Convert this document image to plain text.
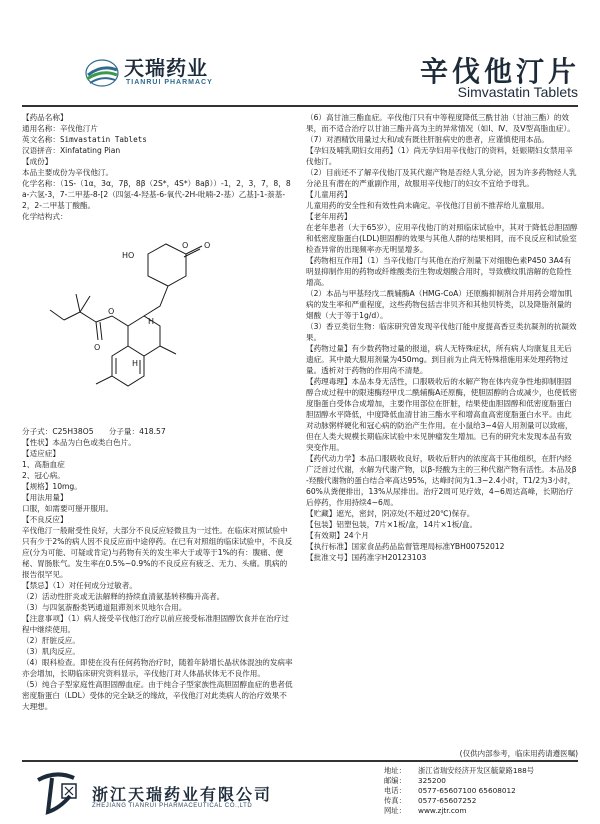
天瑞药业
TIANRUI PHARMACY	辛伐他汀片
Simvastatin Tablets

【药品名称】

通用名称：辛伐他汀片

英文名称：Simvastatin Tablets

汉语拼音：Xinfatating Pian

【成份】

本品主要成份为辛伐他汀。

化学名称：（1S-（1α，3α，7β，8β（2S*，4S*）8aβ））-1，2，3，7，8，8a-六氢-3，7-二甲基-8-[2（四氢-4-羟基-6-氧代-2H-吡喃-2-基）乙基]-1-萘基-2，2-二甲基丁酸酯。

化学结构式：

HO
O O
O
O
H
H

分子式：C25H38O5　　分子量：418.57

【性状】本品为白色或类白色片。

【适应症】

1、高脂血症

2、冠心病。

【规格】10mg。

【用法用量】

口服，如需要可掰开服用。

【不良反应】

辛伐他汀一般耐受性良好，大部分不良反应轻微且为一过性。在临床对照试验中只有少于2%的病人因不良反应而中途停药。在已有对照组的临床试验中，不良反应(分为可能、可疑或肯定)与药物有关的发生率大于或等于1%的有：腹痛、便秘、胃肠胀气。发生率在0.5%~0.9%的不良反应有疲乏、无力、头痛。肌病的报告很罕见。

【禁忌】（1）对任何成分过敏者。

（2）活动性肝炎或无法解释的持续血清氨基转移酶升高者。

（3）与四氢萘酚类钙通道阻滞剂米贝地尔合用。

【注意事项】（1）病人接受辛伐他汀治疗以前应接受标准胆固醇饮食并在治疗过程中继续使用。

（2）肝脏反应。

（3）肌肉反应。

（4）眼科检查。即使在没有任何药物治疗时，随着年龄增长晶状体混浊的发病率亦会增加，长期临床研究资料显示，辛伐他汀对人体晶状体无不良作用。

（5）纯合子型家庭性高胆固醇血症。由于纯合子型家族性高胆固醇血症的患者低密度脂蛋白（LDL）受体的完全缺乏的缘故，辛伐他汀对此类病人的治疗效果不大理想。

（6）高甘油三酯血症。辛伐他汀只有中等程度降低三酰甘油（甘油三酯）的效果，而不适合治疗以甘油三酯升高为主的异常情况（如Ⅰ、Ⅳ、及Ⅴ型高脂血症）。

（7）对酒精饮用量过大和/或有既往肝脏病史的患者，应谨慎使用本品。

【孕妇及哺乳期妇女用药】（1）尚无孕妇用辛伐他汀的资料，妊娠期妇女禁用辛伐他汀。

（2）目前还不了解辛伐他汀及其代谢产物是否经人乳分泌，因为许多药物经人乳分泌且有潜在的严重副作用，故服用辛伐他汀的妇女不宜给予母乳。

【儿童用药】

儿童用药的安全性和有效性尚未确定。辛伐他汀目前不推荐给儿童服用。

【老年用药】

在老年患者（大于65岁），应用辛伐他汀的对照临床试验中，其对于降低总胆固醇和低密度脂蛋白(LDL)胆固醇的效果与其他人群的结果相同，而不良反应和试验室检查异常的出现频率亦无明显增多。

【药物相互作用】（1）当辛伐他汀与其他在治疗剂量下对细胞色素P450 3A4有明显抑制作用的药物或纤维酸类衍生物或烟酸合用时，导致横纹肌溶解的危险性增高。

（2）本品与甲基羟戊二酰辅酶A（HMG-CoA）还原酶抑制剂合并用药会增加肌病的发生率和严重程度，这些药物包括吉非贝齐和其他贝特类，以及降脂剂量的烟酸（大于等于1g/d）。

（3）香豆类衍生物：临床研究曾发现辛伐他汀能中度提高香豆类抗凝剂的抗凝效果。

【药物过量】有少数药物过量的报道，病人无特殊症状，所有病人均康复且无后遗症。其中最大服用剂量为450mg。到目前为止尚无特殊措施用来处理药物过量。透析对于药物的作用尚不清楚。

【药理毒理】本品本身无活性，口服吸收后的水解产物在体内竞争性地抑制胆固醇合成过程中的限速酶羟甲戊二酰辅酶A还原酶，使胆固醇的合成减少，也使低密度脂蛋白受体合成增加，主要作用部位在肝脏，结果使血胆固醇和低密度脂蛋白胆固醇水平降低，中度降低血清甘油三酯水平和增高血高密度脂蛋白水平。由此对动脉粥样硬化和冠心病的防治产生作用。在小鼠给3~4倍人用剂量可以致癌，但在人类大规模长期临床试验中未见肿瘤发生增加。已有的研究未发现本品有致突变作用。

【药代动力学】本品口服吸收良好，吸收后肝内的浓度高于其他组织，在肝内经广泛首过代谢，水解为代谢产物，以β-羟酸为主的三种代谢产物有活性。本品及β-羟酸代谢物的蛋白结合率高达95%，达峰时间为1.3~2.4小时，T1/2为3小时，60%从粪便排出，13%从尿排出。治疗2周可见疗效，4~6周达高峰，长期治疗后停药，作用持续4~6周。

【贮藏】遮光，密封，阴凉处(不超过20℃)保存。

【包装】铝塑包装，7片×1板/盒，14片×1板/盒。

【有效期】24个月

【执行标准】国家食品药品监督管理局标准YBH00752012

【批准文号】国药准字H20123103

(仅供内部参考，临床用药请遵医嘱)
浙江天瑞药业有限公司
ZHEJIANG TIANRUI PHARMACEUTICAL CO.,LTD
地址： 浙江省瑞安经济开发区毓蒙路188号
邮编： 325200
电话： 0577-65607100 65608012
传真： 0577-65607252
网址： www.zjtr.com
